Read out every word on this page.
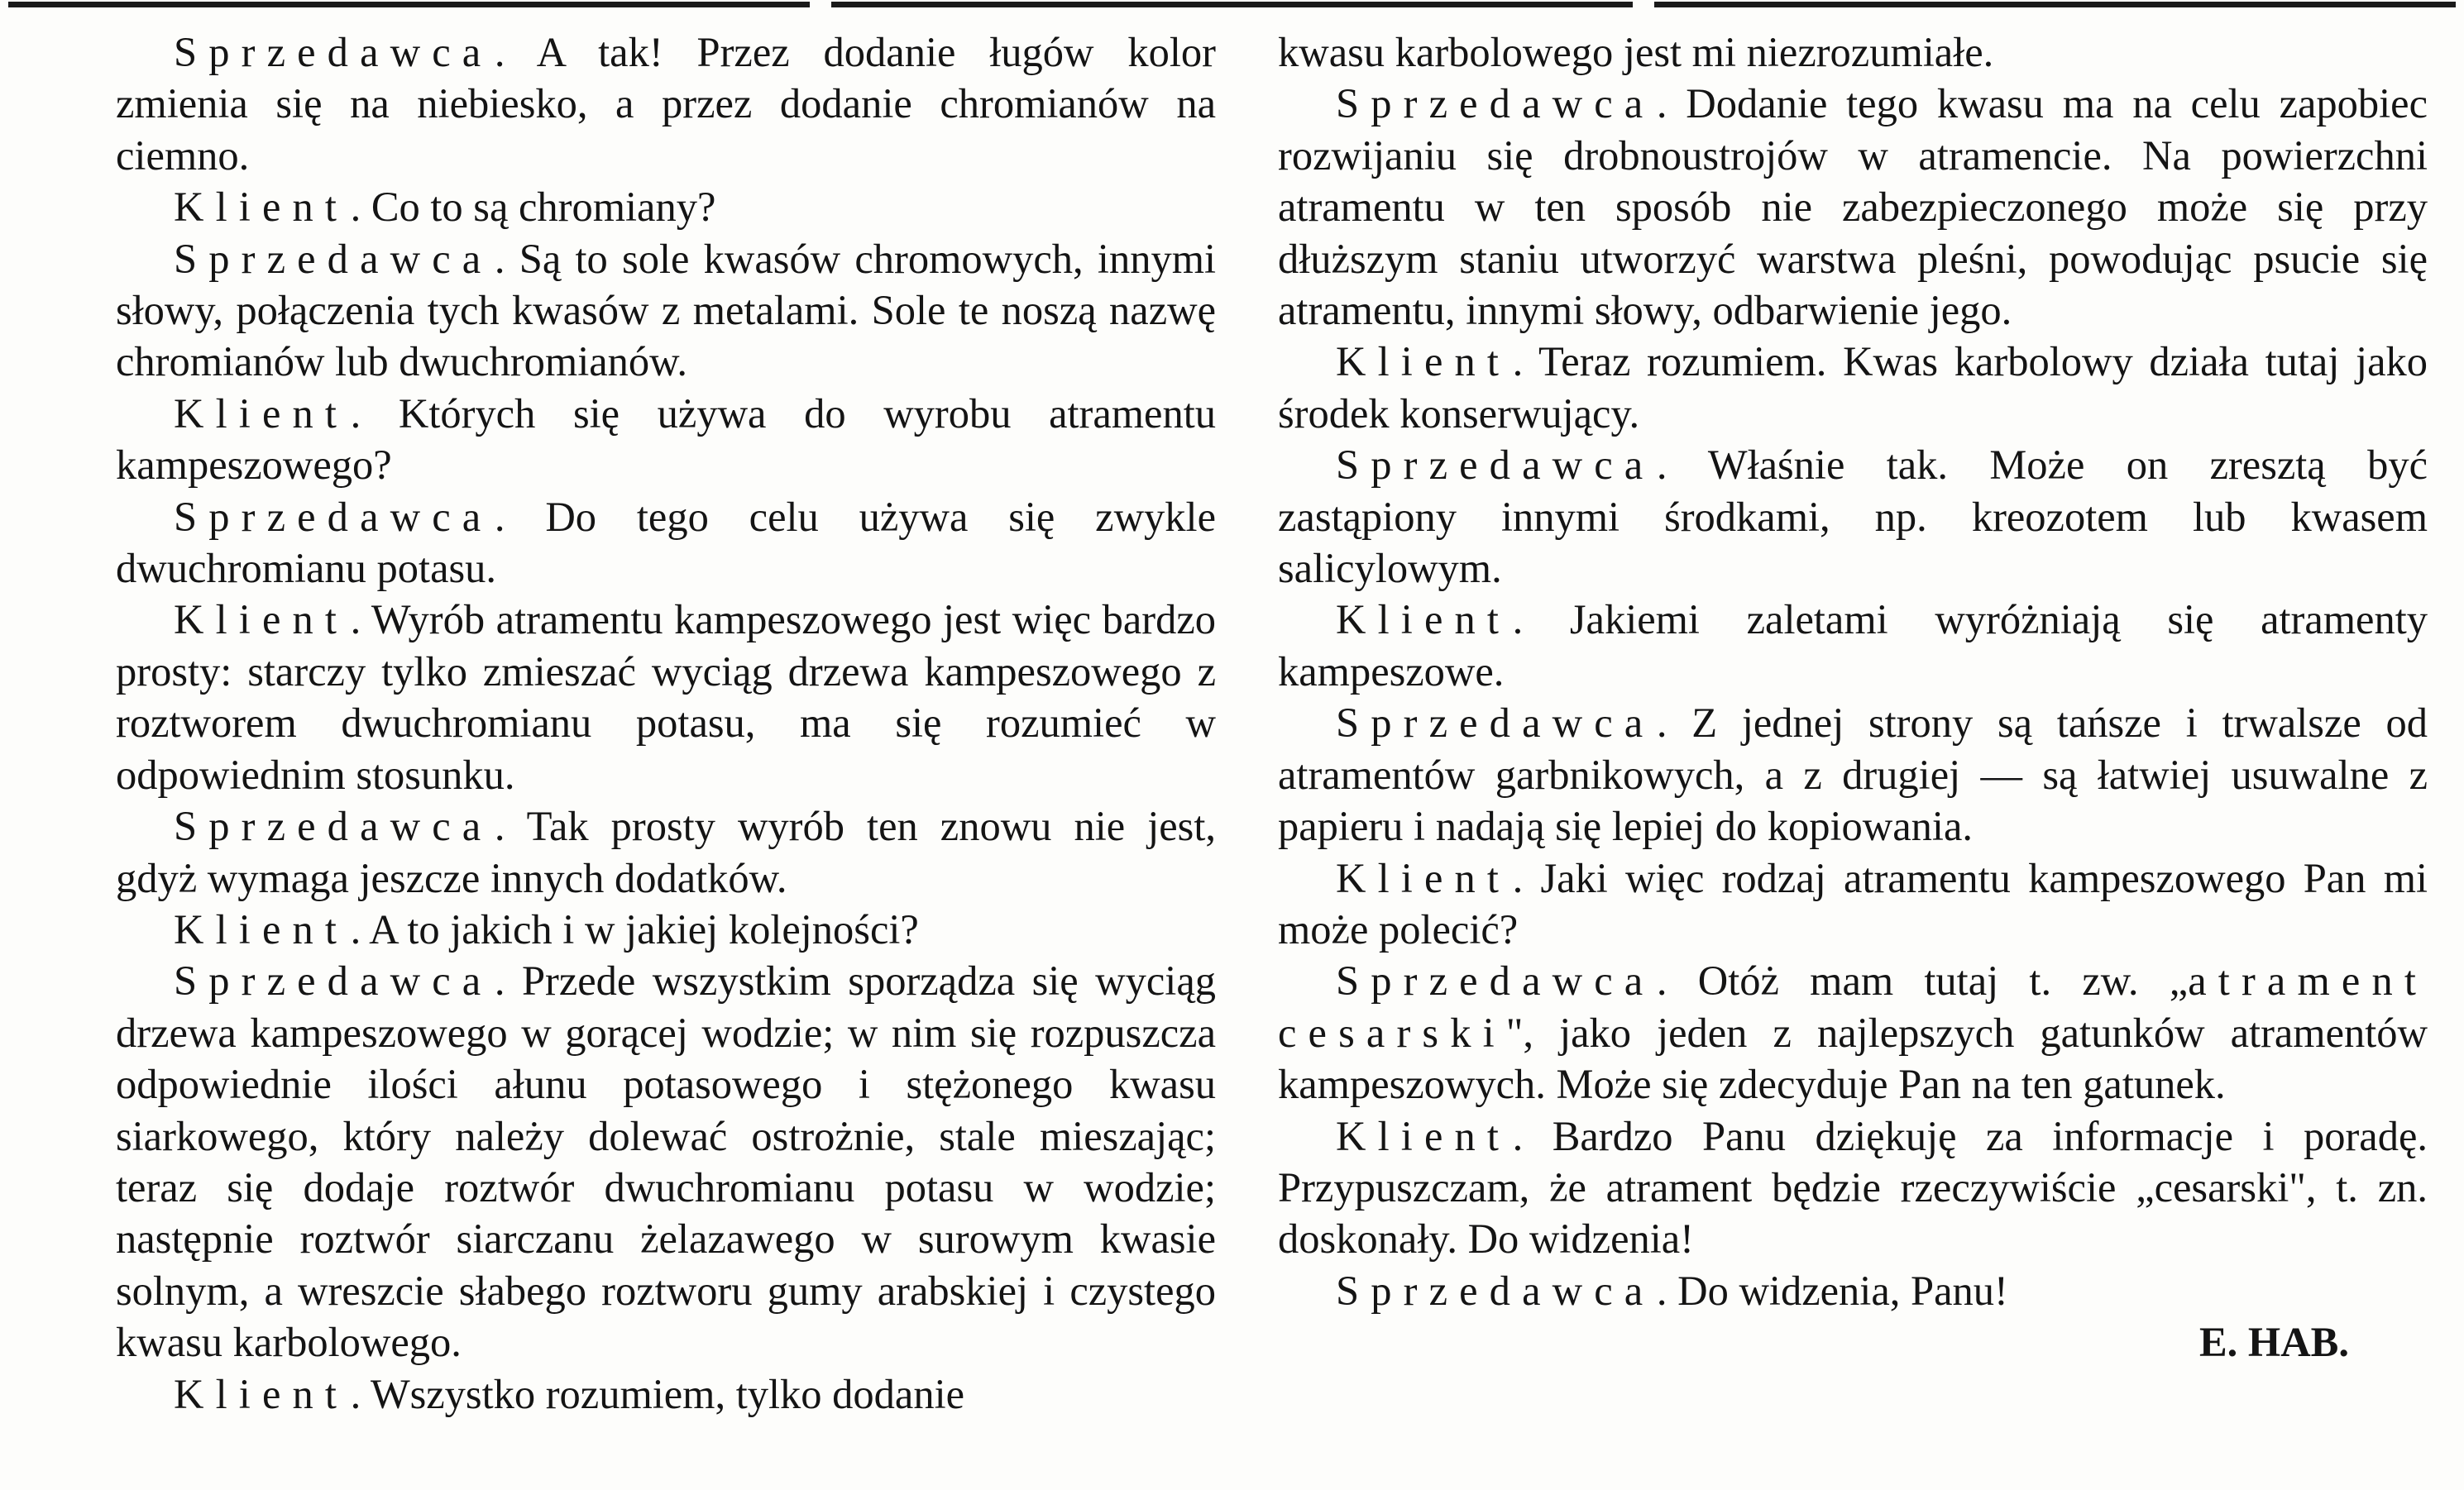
Sprzedawca. A tak! Przez dodanie ługów kolor zmienia się na niebiesko, a przez dodanie chromianów na ciemno.

Klient. Co to są chromiany?

Sprzedawca. Są to sole kwasów chromowych, innymi słowy, połączenia tych kwasów z metalami. Sole te noszą nazwę chromianów lub dwuchromianów.

Klient. Których się używa do wyrobu atramentu kampeszowego?

Sprzedawca. Do tego celu używa się zwykle dwuchromianu potasu.

Klient. Wyrób atramentu kampeszowego jest więc bardzo prosty: starczy tylko zmieszać wyciąg drzewa kampeszowego z roztworem dwuchromianu potasu, ma się rozumieć w odpowiednim stosunku.

Sprzedawca. Tak prosty wyrób ten znowu nie jest, gdyż wymaga jeszcze innych dodatków.

Klient. A to jakich i w jakiej kolejności?

Sprzedawca. Przede wszystkim sporządza się wyciąg drzewa kampeszowego w gorącej wodzie; w nim się rozpuszcza odpowiednie ilości ałunu potasowego i stężonego kwasu siarkowego, który należy dolewać ostrożnie, stale mieszając; teraz się dodaje roztwór dwuchromianu potasu w wodzie; następnie roztwór siarczanu żelazawego w surowym kwasie solnym, a wreszcie słabego roztworu gumy arabskiej i czystego kwasu karbolowego.

Klient. Wszystko rozumiem, tylko dodanie

kwasu karbolowego jest mi niezrozumiałe.

Sprzedawca. Dodanie tego kwasu ma na celu zapobiec rozwijaniu się drobnoustrojów w atramencie. Na powierzchni atramentu w ten sposób nie zabezpieczonego może się przy dłuższym staniu utworzyć warstwa pleśni, powodując psucie się atramentu, innymi słowy, odbarwienie jego.

Klient. Teraz rozumiem. Kwas karbolowy działa tutaj jako środek konserwujący.

Sprzedawca. Właśnie tak. Może on zresztą być zastąpiony innymi środkami, np. kreozotem lub kwasem salicylowym.

Klient. Jakiemi zaletami wyróżniają się atramenty kampeszowe.

Sprzedawca. Z jednej strony są tańsze i trwalsze od atramentów garbnikowych, a z drugiej — są łatwiej usuwalne z papieru i nadają się lepiej do kopiowania.

Klient. Jaki więc rodzaj atramentu kampeszowego Pan mi może polecić?

Sprzedawca. Otóż mam tutaj t. zw. „atrament cesarski", jako jeden z najlepszych gatunków atramentów kampeszowych. Może się zdecyduje Pan na ten gatunek.

Klient. Bardzo Panu dziękuję za informacje i poradę. Przypuszczam, że atrament będzie rzeczywiście „cesarski", t. zn. doskonały. Do widzenia!

Sprzedawca. Do widzenia, Panu!

E. HAB.
